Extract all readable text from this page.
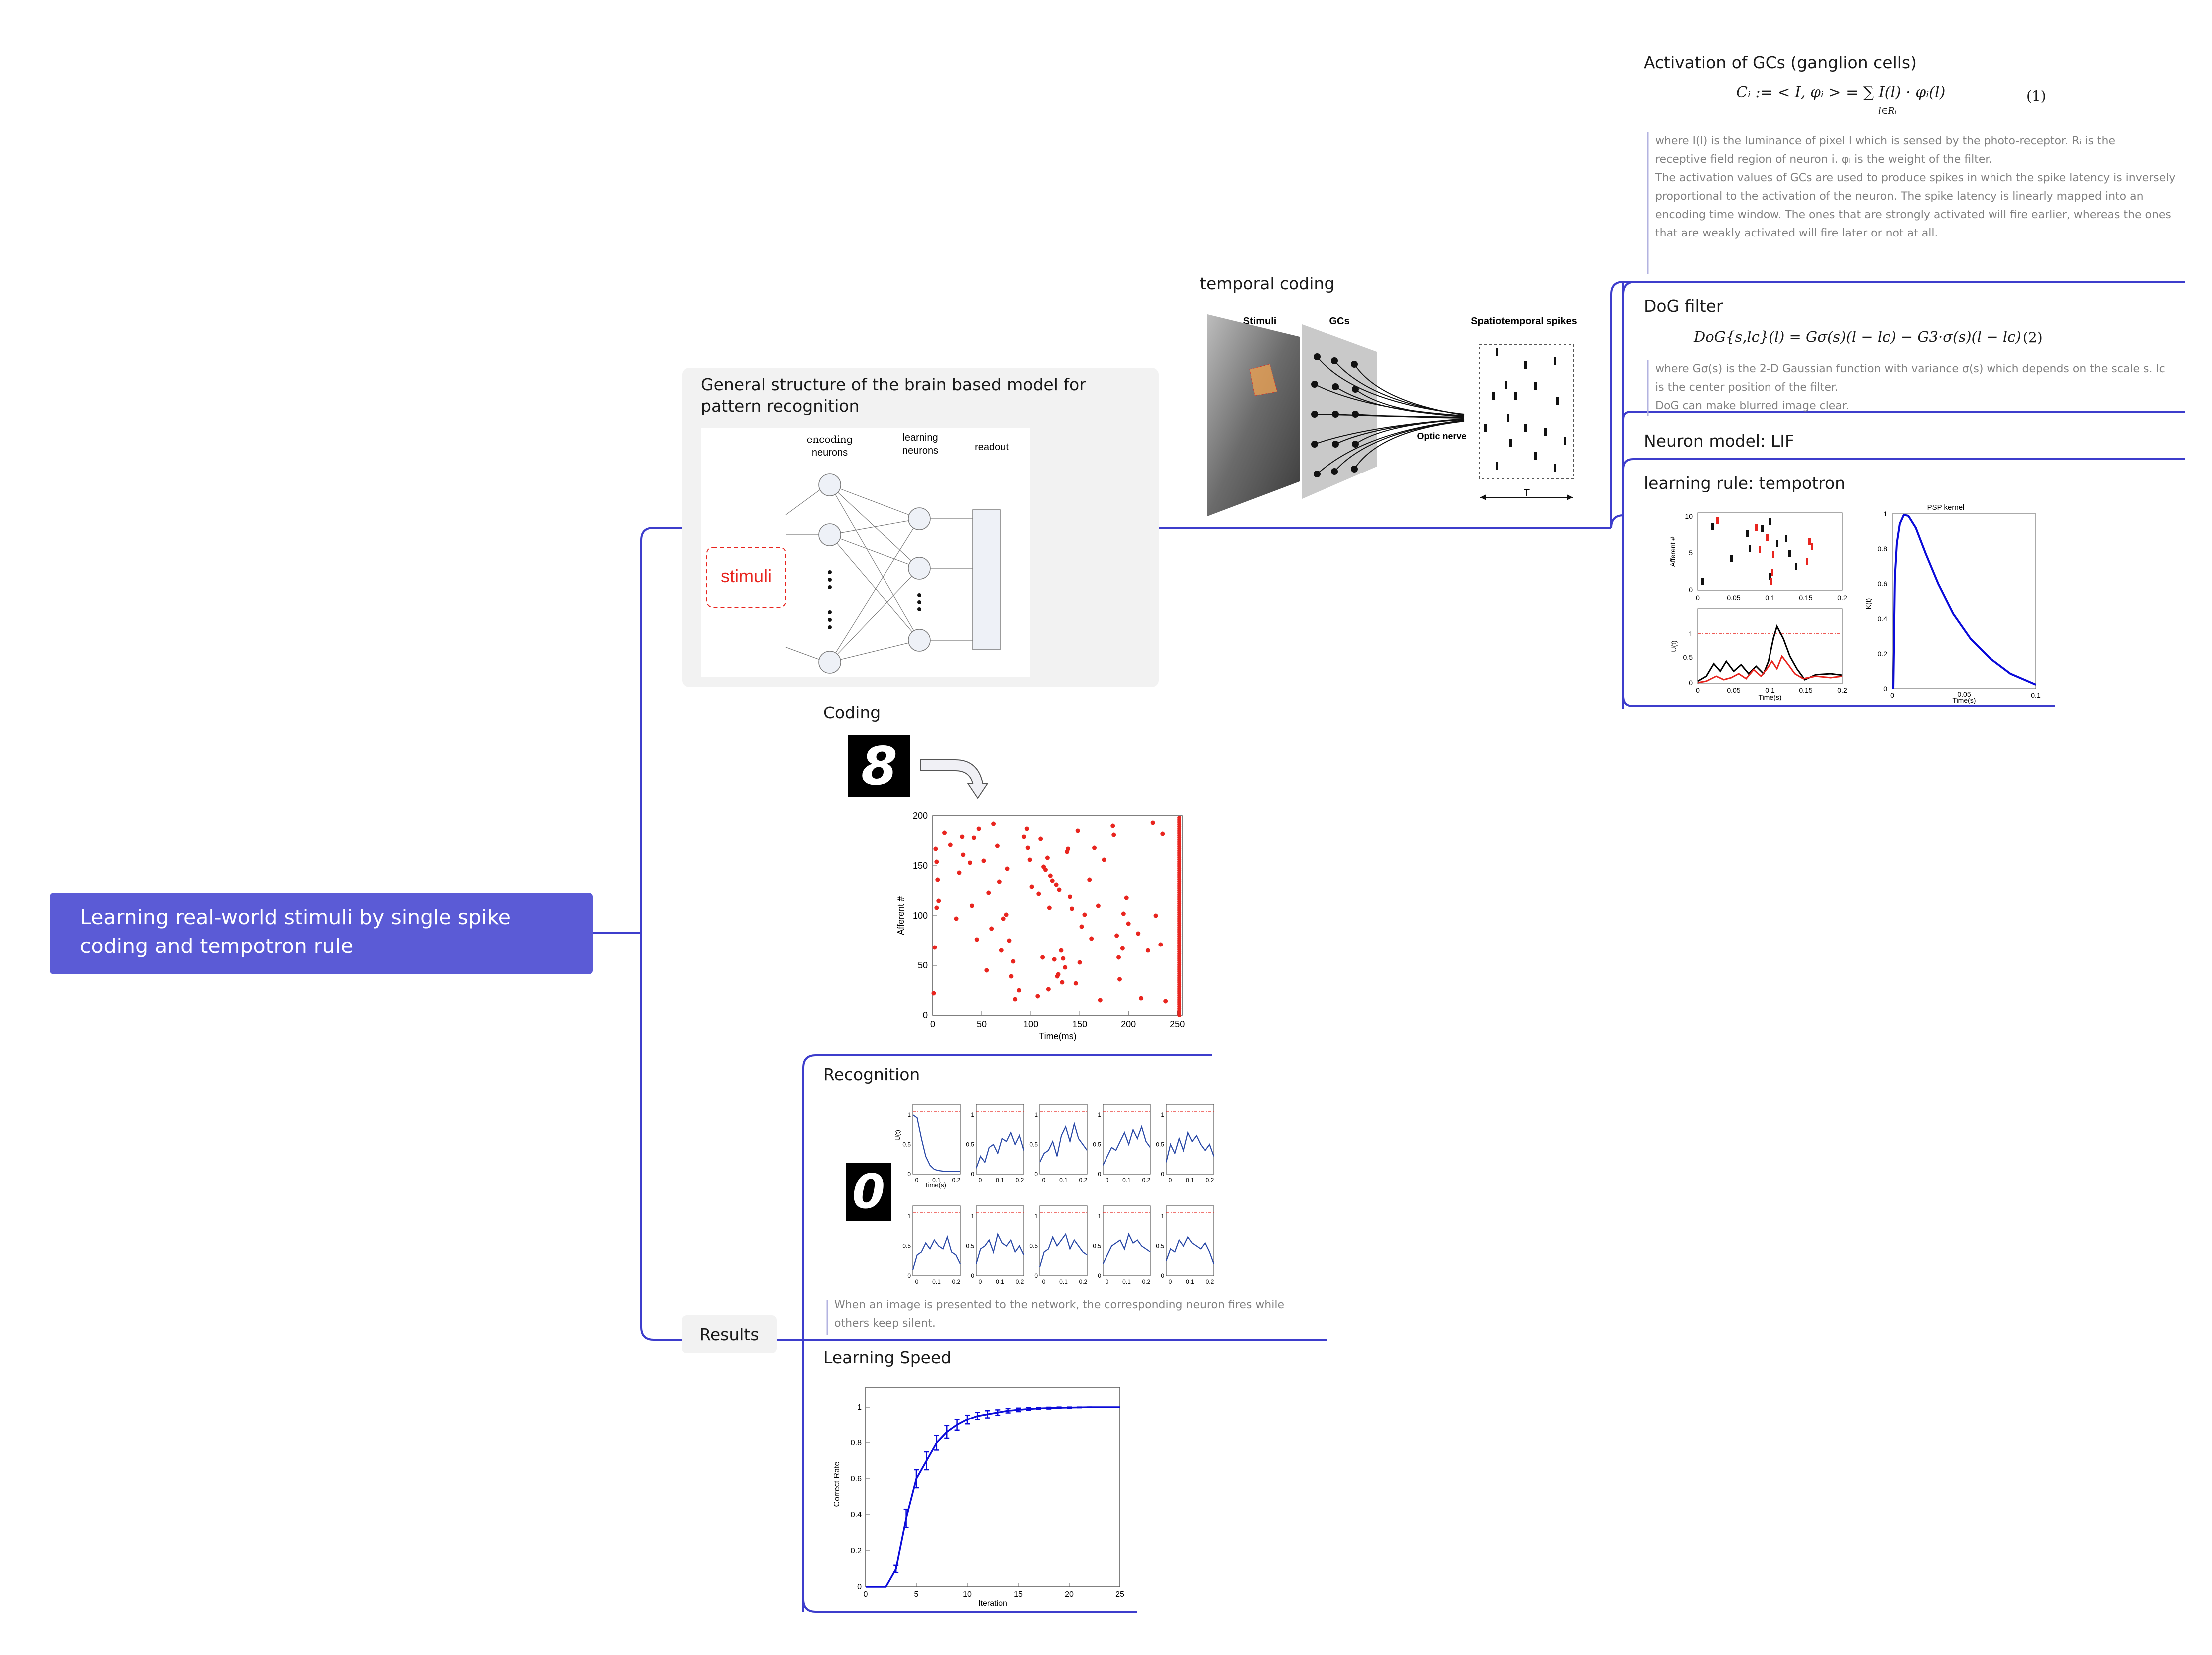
Learning real-world stimuli by single spike coding and tempotron rule
General structure of the brain based model for pattern recognition
encoding
neurons
learning
neurons	readout
stimuli
temporal coding
Stimuli	GCs	Spatiotemporal spikes
Optic nerve
T
Activation of GCs (ganglion cells)
Cᵢ := < I, φᵢ > = ∑ I(l) · φᵢ(l)
l∈Rᵢ
(1)
where I(l) is the luminance of pixel l which is sensed by the photo-receptor. Rᵢ is the
receptive field region of neuron i. φᵢ is the weight of the filter.
The activation values of GCs are used to produce spikes in which the spike latency is inversely
proportional to the activation of the neuron. The spike latency is linearly mapped into an
encoding time window. The ones that are strongly activated will fire earlier, whereas the ones
that are weakly activated will fire later or not at all.
DoG filter
DoG{s,lᴄ}(l) = Gσ(s)(l − lᴄ) − G3·σ(s)(l − lᴄ) (2)
where Gσ(s) is the 2-D Gaussian function with variance σ(s) which depends on the scale s. lᴄ
is the center position of the filter.
DoG can make blurred image clear.
Neuron model: LIF
learning rule: tempotron
Afferent #
10
5
0
0	0.05	0.1	0.15	0.2
U(t)
1
0.5
0
0	0.05	0.1	0.15	0.2
Time(s)
PSP kernel
K(t)
1
0.8
0.6
0.4
0.2
0
0	0.05	0.1
Time(s)
Coding
8
Afferent #
Time(ms)
0	50	100	150	200	250
0
50
100
150
200
Recognition
0
U(t)
Time(s)
0
0.5
1
0 0.1 0.2
0
0.5
1
0 0.1 0.2
0
0.5
1
0 0.1 0.2
0
0.5
1
0 0.1 0.2
0
0.5
1
0 0.1 0.2
0
0.5
1
0 0.1 0.2
0
0.5
1
0 0.1 0.2
0
0.5
1
0 0.1 0.2
0
0.5
1
0 0.1 0.2
0
0.5
1
0 0.1 0.2
When an image is presented to the network, the corresponding neuron fires while others keep silent.
Results
Learning Speed
Correct Rate
Iteration
0	5	10	15	20	25
0
0.2
0.4
0.6
0.8
1
